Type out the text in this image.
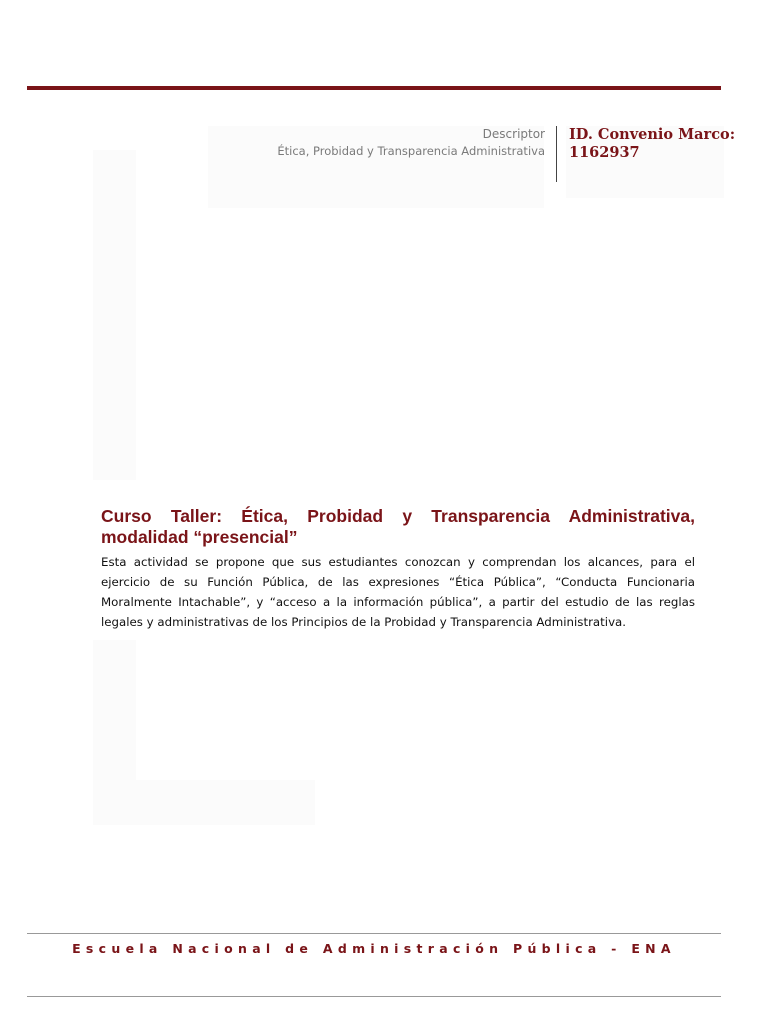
Descriptor
Ética, Probidad y Transparencia Administrativa
ID. Convenio Marco:
1162937
Curso Taller: Ética, Probidad y Transparencia Administrativa, modalidad “presencial”

Esta actividad se propone que sus estudiantes conozcan y comprendan los alcances, para el ejercicio de su Función Pública, de las expresiones “Ética Pública”, “Conducta Funcionaria Moralmente Intachable”, y “acceso a la información pública”, a partir del estudio de las reglas legales y administrativas de los Principios de la Probidad y Transparencia Administrativa.

Escuela Nacional de Administración Pública - ENA
